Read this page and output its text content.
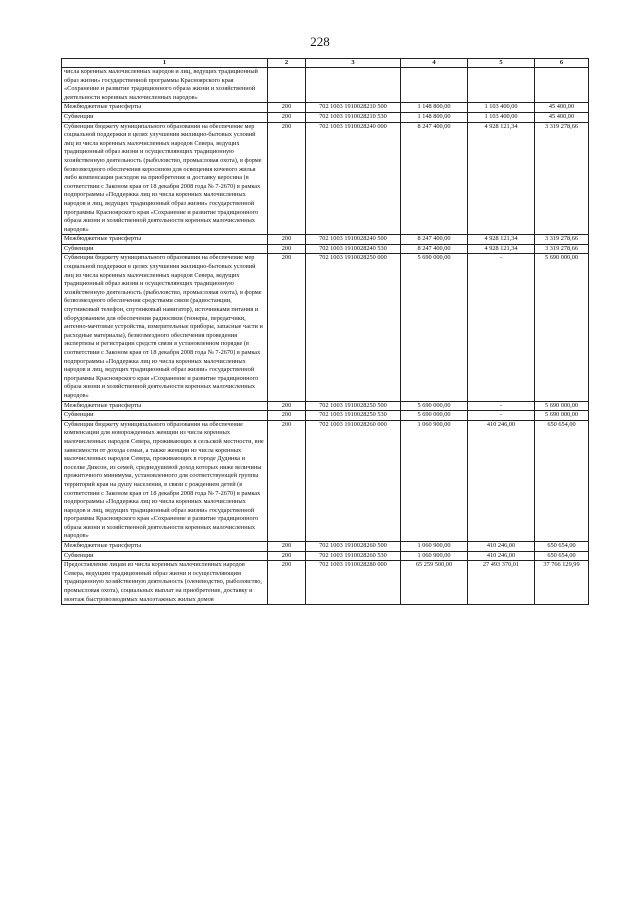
228
1	2	3	4	5	6
числа коренных малочисленных народов и лиц, ведущих традиционный образ жизни» государственной программы Красноярского края «Сохранение и развитие традиционного образа жизни и хозяйственной деятельности коренных малочисленных народов»					
Межбюджетные трансферты	200	702 1003 1910028210 500	1 148 800,00	1 103 400,00	45 400,00
Субвенции	200	702 1003 1910028210 530	1 148 800,00	1 103 400,00	45 400,00
Субвенции бюджету муниципального образования на обеспечение мер социальной поддержки в целях улучшения жилищно-бытовых условий лиц из числа коренных малочисленных народов Севера, ведущих традиционный образ жизни и осуществляющих традиционную хозяйственную деятельность (рыболовство, промысловая охота), в форме безвозмездного обеспечения керосином для освещения кочевого жилья либо компенсации расходов на приобретение и доставку керосина (в соответствии с Законом края от 18 декабря 2008 года № 7-2670) в рамках подпрограммы «Поддержка лиц из числа коренных малочисленных народов и лиц, ведущих традиционный образ жизни» государственной программы Красноярского края «Сохранение и развитие традиционного образа жизни и хозяйственной деятельности коренных малочисленных народов»	200	702 1003 1910028240 000	8 247 400,00	4 928 121,34	3 319 278,66
Межбюджетные трансферты	200	702 1003 1910028240 500	8 247 400,00	4 928 121,34	3 319 278,66
Субвенции	200	702 1003 1910028240 530	8 247 400,00	4 928 121,34	3 319 278,66
Субвенции бюджету муниципального образования на обеспечение мер социальной поддержки в целях улучшения жилищно-бытовых условий лиц из числа коренных малочисленных народов Севера, ведущих традиционный образ жизни и осуществляющих традиционную хозяйственную деятельность (рыболовство, промысловая охота), в форме безвозмездного обеспечения средствами связи (радиостанции, спутниковый телефон, спутниковый навигатор), источниками питания и оборудованием для обеспечения радиосвязи (тюнеры, передатчики, антенно-мачтовые устройства, измерительные приборы, запасные части и расходные материалы), безвозмездного обеспечения проведения экспертизы и регистрации средств связи в установленном порядке (в соответствии с Законом края от 18 декабря 2008 года № 7-2670) в рамках подпрограммы «Поддержка лиц из числа коренных малочисленных народов и лиц, ведущих традиционный образ жизни» государственной программы Красноярского края «Сохранение и развитие традиционного образа жизни и хозяйственной деятельности коренных малочисленных народов»	200	702 1003 1910028250 000	5 690 000,00	-	5 690 000,00
Межбюджетные трансферты	200	702 1003 1910028250 500	5 690 000,00	-	5 690 000,00
Субвенции	200	702 1003 1910028250 530	5 690 000,00	-	5 690 000,00
Субвенции бюджету муниципального образования на обеспечение компенсации для новорожденных женщин из числа коренных малочисленных народов Севера, проживающих в сельской местности, вне зависимости от дохода семьи, а также женщин из числа коренных малочисленных народов Севера, проживающих в городе Дудинка и поселке Диксон, из семей, среднедушевой доход которых ниже величины прожиточного минимума, установленного для соответствующей группы территорий края на душу населения, в связи с рождением детей (в соответствии с Законом края от 18 декабря 2008 года № 7-2670) в рамках подпрограммы «Поддержка лиц из числа коренных малочисленных народов и лиц, ведущих традиционный образ жизни» государственной программы Красноярского края «Сохранение и развитие традиционного образа жизни и хозяйственной деятельности коренных малочисленных народов»	200	702 1003 1910028260 000	1 060 900,00	410 246,00	650 654,00
Межбюджетные трансферты	200	702 1003 1910028260 500	1 060 900,00	410 246,00	650 654,00
Субвенции	200	702 1003 1910028260 530	1 060 900,00	410 246,00	650 654,00
Предоставление лицам из числа коренных малочисленных народов Севера, ведущим традиционный образ жизни и осуществляющим традиционную хозяйственную деятельность (оленеводство, рыболовство, промысловая охота), социальных выплат на приобретение, доставку и монтаж быстровозводимых малоэтажных жилых домов	200	702 1003 1910028280 000	65 259 500,00	27 493 370,01	37 766 129,99
